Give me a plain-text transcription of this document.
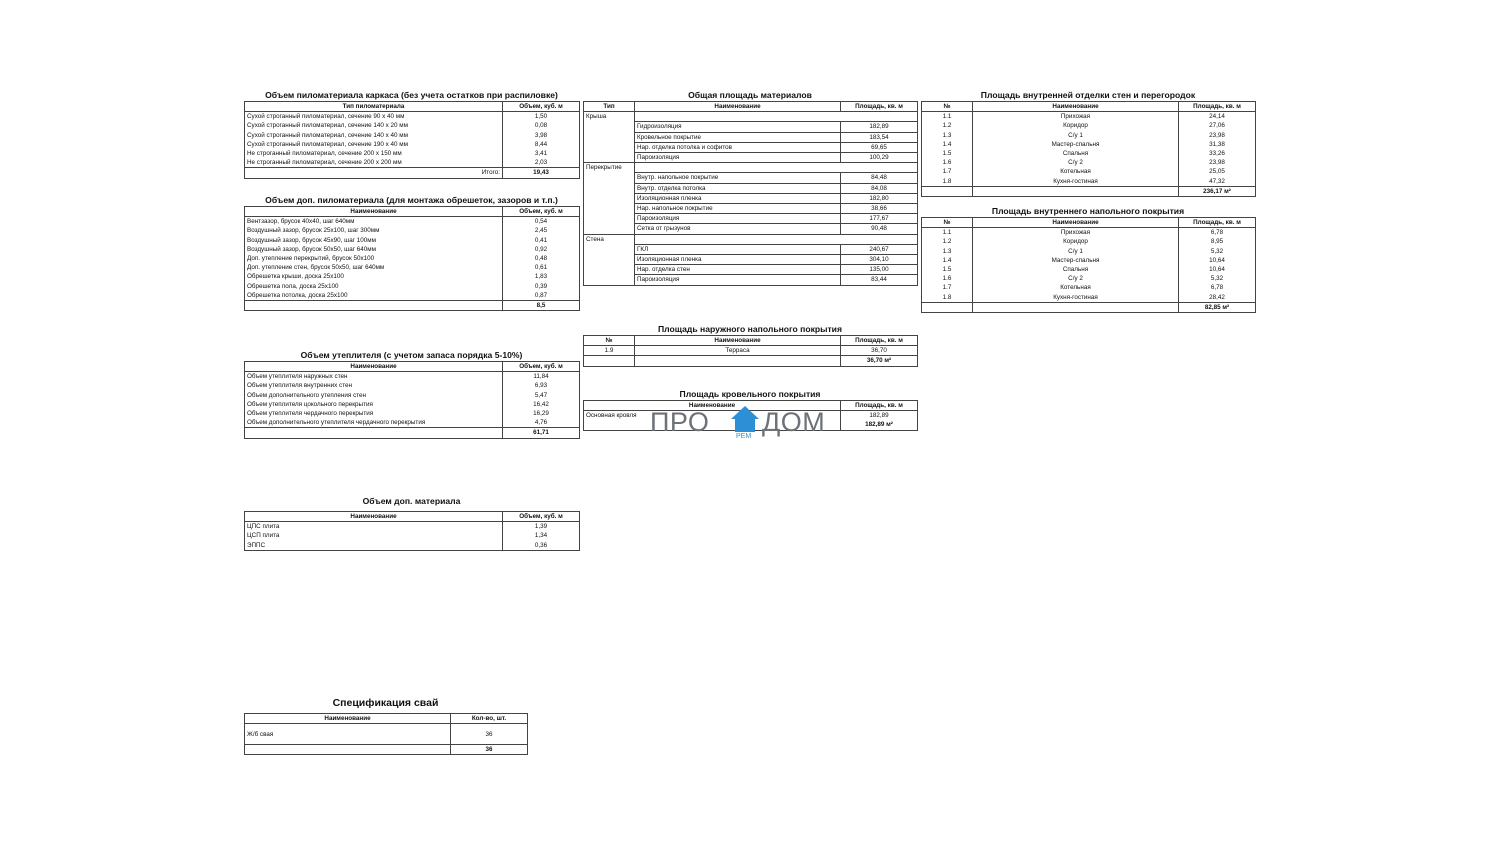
Объем пиломатериала каркаса (без учета остатков при распиловке)
Тип пиломатериала	Объем, куб. м
Сухой строганный пиломатериал, сечение 90 х 40 мм	1,50
Сухой строганный пиломатериал, сечение 140 х 20 мм	0,08
Сухой строганный пиломатериал, сечение 140 х 40 мм	3,98
Сухой строганный пиломатериал, сечение 190 х 40 мм	8,44
Не строганный пиломатериал, сечение 200 х 150 мм	3,41
Не строганный пиломатериал, сечение 200 х 200 мм	2,03
Итого:	19,43
Объем доп. пиломатериала (для монтажа обрешеток, зазоров и т.п.)
Наименование	Объем, куб. м
Вентзазор, брусок 40х40, шаг 640мм	0,54
Воздушный зазор, брусок 25х100, шаг 300мм	2,45
Воздушный зазор, брусок 45х90, шаг 100мм	0,41
Воздушный зазор, брусок 50х50, шаг 640мм	0,92
Доп. утепление перекрытий, брусок 50х100	0,48
Доп. утепление стен, брусок 50х50, шаг 640мм	0,61
Обрешетка крыши, доска 25х100	1,83
Обрешетка пола, доска 25х100	0,39
Обрешетка потолка, доска 25х100	0,87
	8,5
Объем утеплителя (с учетом запаса порядка 5-10%)
Наименование	Объем, куб. м
Объем утеплителя наружных стен	11,84
Объем утеплителя внутренних стен	6,93
Объем дополнительного утепления стен	5,47
Объем утеплителя цокольного перекрытия	16,42
Объем утеплителя чердачного перекрытия	16,29
Объем дополнительного утеплителя чердачного перекрытия	4,76
	61,71
Объем доп. материала
Наименование	Объем, куб. м
ЦПС плита	1,39
ЦСП плита	1,34
ЭППС	0,36
Спецификация свай
Наименование	Кол-во, шт.
Ж/б свая	36
	36
Общая площадь материалов
Тип	Наименование	Площадь, кв. м
Крыша		
	Гидроизоляция	182,89
	Кровельное покрытие	183,54
	Нар. отделка потолка и софитов	69,65
	Пароизоляция	100,29
Перекрытие		
	Внутр. напольное покрытие	84,48
	Внутр. отделка потолка	84,08
	Изоляционная пленка	182,80
	Нар. напольное покрытие	38,66
	Пароизоляция	177,67
	Сетка от грызунов	90,48
Стена		
	ГКЛ	240,67
	Изоляционная пленка	304,10
	Нар. отделка стен	135,00
	Пароизоляция	83,44
Площадь наружного напольного покрытия
№	Наименование	Площадь, кв. м
1.9	Терраса	36,70
		36,70 м²
Площадь кровельного покрытия
Наименование	Площадь, кв. м
Основная кровля	182,89
	182,89 м²
Площадь внутренней отделки стен и перегородок
№	Наименование	Площадь, кв. м
1.1	Прихожая	24,14
1.2	Коридор	27,06
1.3	С/у 1	23,98
1.4	Мастер-спальня	31,38
1.5	Спальня	33,26
1.6	С/у 2	23,98
1.7	Котельная	25,05
1.8	Кухня-гостиная	47,32
		236,17 м²
Площадь внутреннего напольного покрытия
№	Наименование	Площадь, кв. м
1.1	Прихожая	6,78
1.2	Коридор	8,95
1.3	С/у 1	5,32
1.4	Мастер-спальня	10,64
1.5	Спальня	10,64
1.6	С/у 2	5,32
1.7	Котельная	6,78
1.8	Кухня-гостиная	28,42
		82,85 м²
ПРО	РЕМ ДОМ
